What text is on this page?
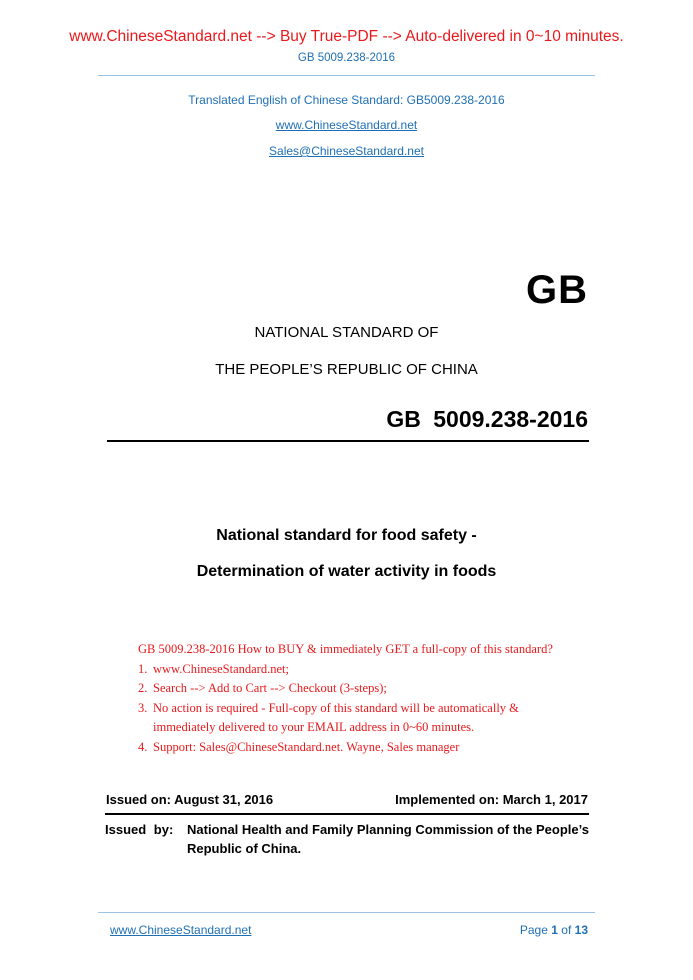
www.ChineseStandard.net --> Buy True-PDF --> Auto-delivered in 0~10 minutes.
GB 5009.238-2016
Translated English of Chinese Standard: GB5009.238-2016
www.ChineseStandard.net
Sales@ChineseStandard.net
GB
NATIONAL STANDARD OF
THE PEOPLE’S REPUBLIC OF CHINA
GB 5009.238-2016
National standard for food safety -
Determination of water activity in foods
GB 5009.238-2016 How to BUY & immediately GET a full-copy of this standard?
1. www.ChineseStandard.net;
2. Search --> Add to Cart --> Checkout (3-steps);
3. No action is required - Full-copy of this standard will be automatically & immediately delivered to your EMAIL address in 0~60 minutes.
4. Support: Sales@ChineseStandard.net. Wayne, Sales manager
Issued on: August 31, 2016	Implemented on: March 1, 2017
Issued by: National Health and Family Planning Commission of the People’s Republic of China.
www.ChineseStandard.net	Page 1 of 13
